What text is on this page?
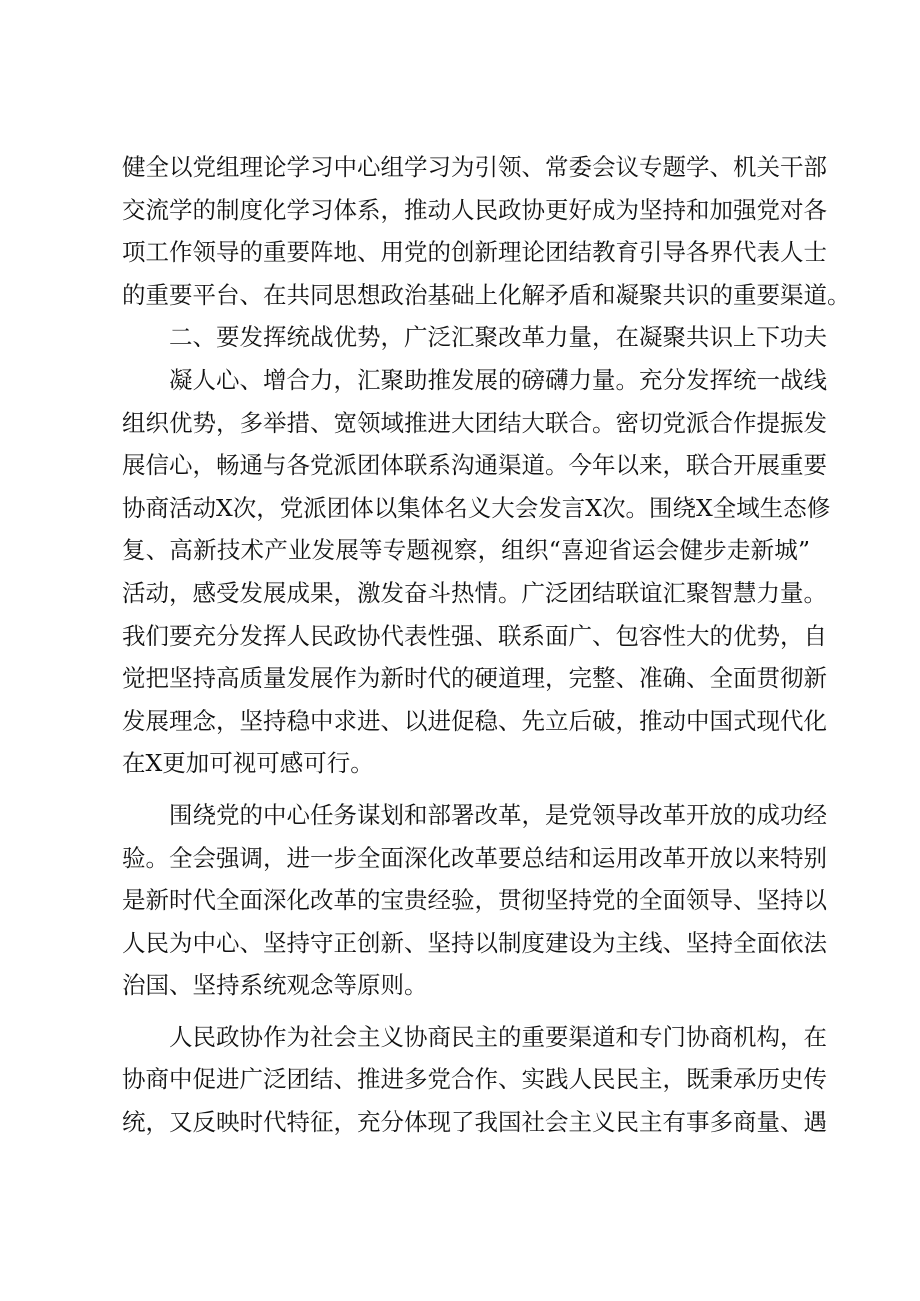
健全以党组理论学习中心组学习为引领、常委会议专题学、机关干部
交流学的制度化学习体系，推动人民政协更好成为坚持和加强党对各
项工作领导的重要阵地、用党的创新理论团结教育引导各界代表人士
的重要平台、在共同思想政治基础上化解矛盾和凝聚共识的重要渠道。
二、要发挥统战优势，广泛汇聚改革力量，在凝聚共识上下功夫
凝人心、增合力，汇聚助推发展的磅礴力量。充分发挥统一战线
组织优势，多举措、宽领域推进大团结大联合。密切党派合作提振发
展信心，畅通与各党派团体联系沟通渠道。今年以来，联合开展重要
协商活动X次，党派团体以集体名义大会发言X次。围绕X全域生态修
复、高新技术产业发展等专题视察，组织“喜迎省运会健步走新城”
活动，感受发展成果，激发奋斗热情。广泛团结联谊汇聚智慧力量。
我们要充分发挥人民政协代表性强、联系面广、包容性大的优势，自
觉把坚持高质量发展作为新时代的硬道理，完整、准确、全面贯彻新
发展理念，坚持稳中求进、以进促稳、先立后破，推动中国式现代化
在X更加可视可感可行。
围绕党的中心任务谋划和部署改革，是党领导改革开放的成功经
验。全会强调，进一步全面深化改革要总结和运用改革开放以来特别
是新时代全面深化改革的宝贵经验，贯彻坚持党的全面领导、坚持以
人民为中心、坚持守正创新、坚持以制度建设为主线、坚持全面依法
治国、坚持系统观念等原则。
人民政协作为社会主义协商民主的重要渠道和专门协商机构，在
协商中促进广泛团结、推进多党合作、实践人民民主，既秉承历史传
统，又反映时代特征，充分体现了我国社会主义民主有事多商量、遇
